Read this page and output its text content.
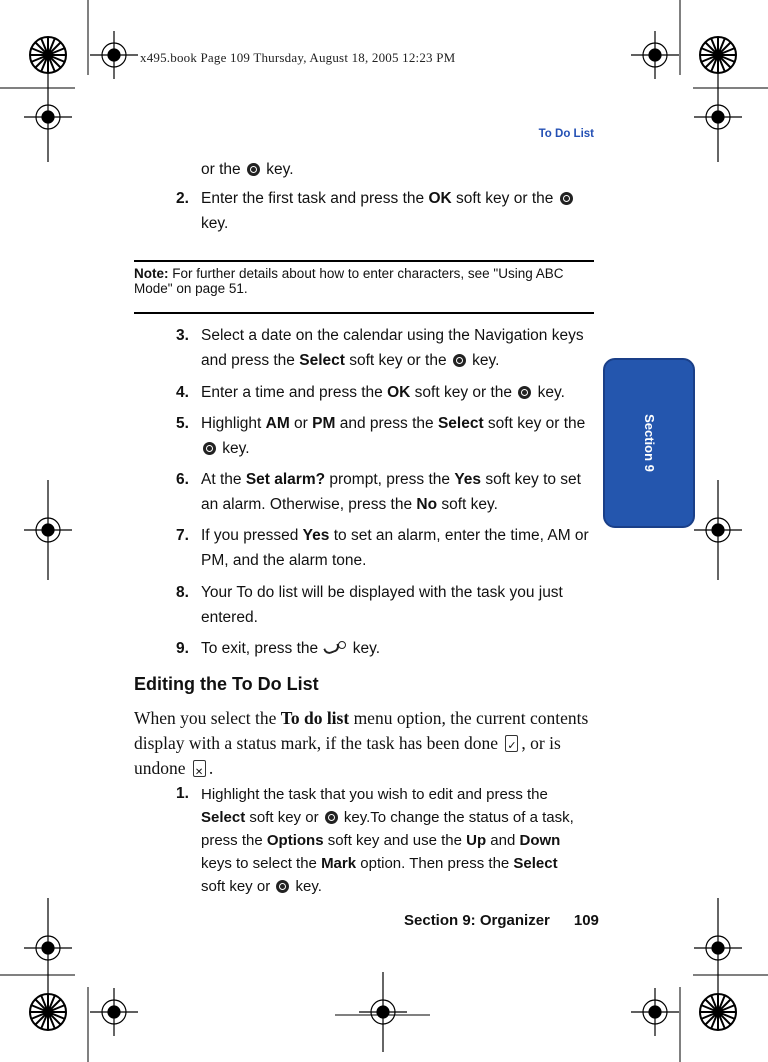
x495.book Page 109 Thursday, August 18, 2005 12:23 PM
To Do List
Section 9
or the  key.
2. Enter the first task and press the OK soft key or the
key.
Note: For further details about how to enter characters, see "Using ABC Mode" on page 51.
3. Select a date on the calendar using the Navigation keys
and press the Select soft key or the  key.
4. Enter a time and press the OK soft key or the  key.
5. Highlight AM or PM and press the Select soft key or the
key.
6. At the Set alarm? prompt, press the Yes soft key to set
an alarm. Otherwise, press the No soft key.
7. If you pressed Yes to set an alarm, enter the time, AM or
PM, and the alarm tone.
8. Your To do list will be displayed with the task you just
entered.
9. To exit, press the  key.
Editing the To Do List
When you select the To do list menu option, the current contents display with a status mark, if the task has been done ✓, or is undone ✕.
1. Highlight the task that you wish to edit and press the
Select soft key or  key.To change the status of a task,
press the Options soft key and use the Up and Down
keys to select the Mark option. Then press the Select
soft key or  key.
Section 9: Organizer 109
